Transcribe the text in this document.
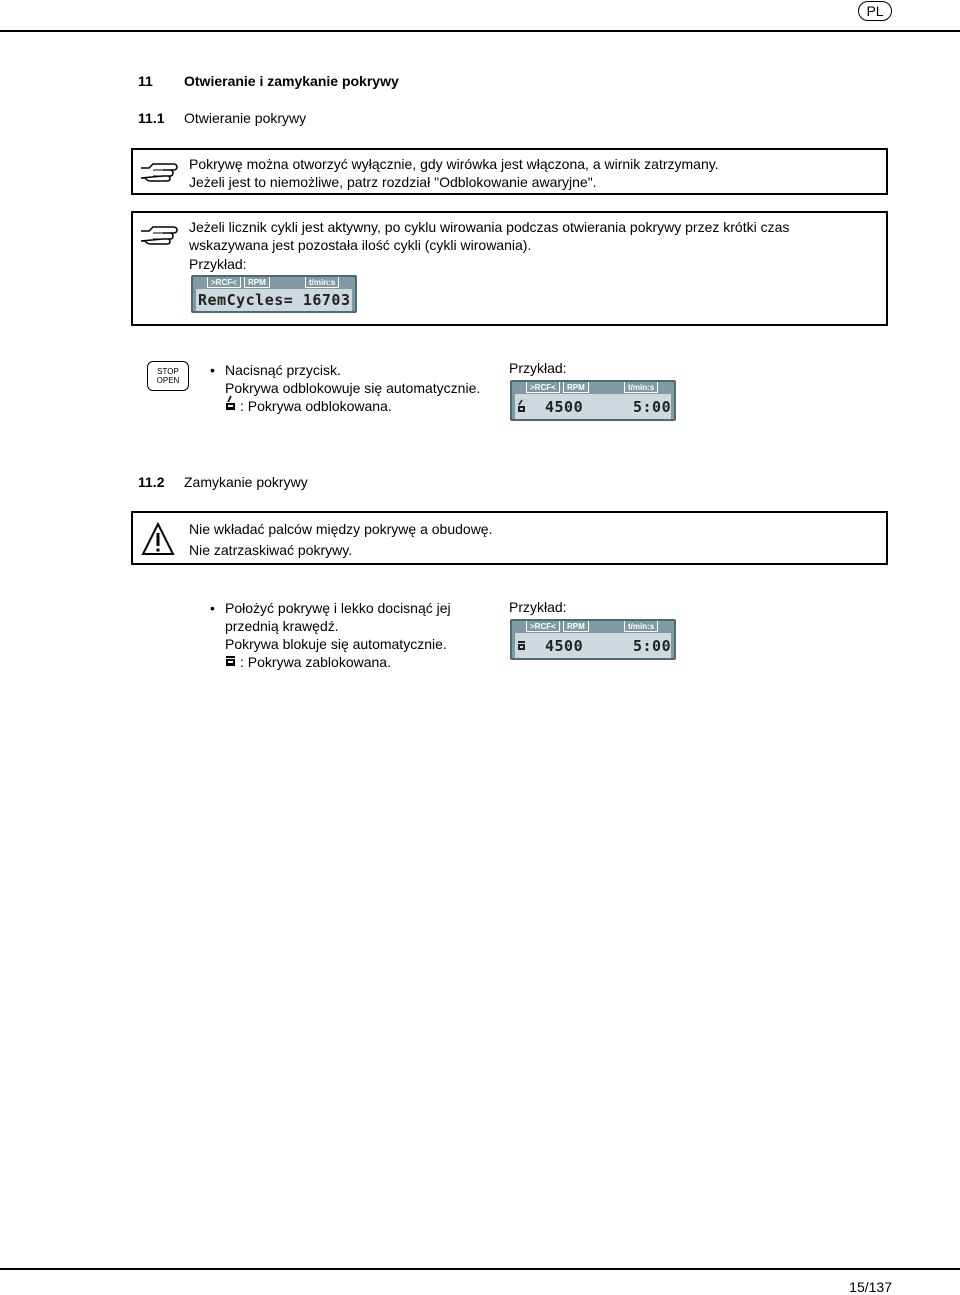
PL
11 Otwieranie i zamykanie pokrywy
11.1 Otwieranie pokrywy
Pokrywę można otworzyć wyłącznie, gdy wirówka jest włączona, a wirnik zatrzymany.
Jeżeli jest to niemożliwe, patrz rozdział "Odblokowanie awaryjne".
Jeżeli licznik cykli jest aktywny, po cyklu wirowania podczas otwierania pokrywy przez krótki czas
wskazywana jest pozostała ilość cykli (cykli wirowania).
Przykład:
>RCF<	RPM	t/min:s
RemCycles= 16703
STOP
OPEN
• Nacisnąć przycisk.
Pokrywa odblokowuje się automatycznie.
: Pokrywa odblokowana.
Przykład:
>RCF<	RPM	t/min:s
4500	5:00
11.2 Zamykanie pokrywy
Nie wkładać palców między pokrywę a obudowę.
Nie zatrzaskiwać pokrywy.
• Położyć pokrywę i lekko docisnąć jej
przednią krawędź.
Pokrywa blokuje się automatycznie.
: Pokrywa zablokowana.
Przykład:
>RCF<	RPM	t/min:s
4500	5:00
15/137
